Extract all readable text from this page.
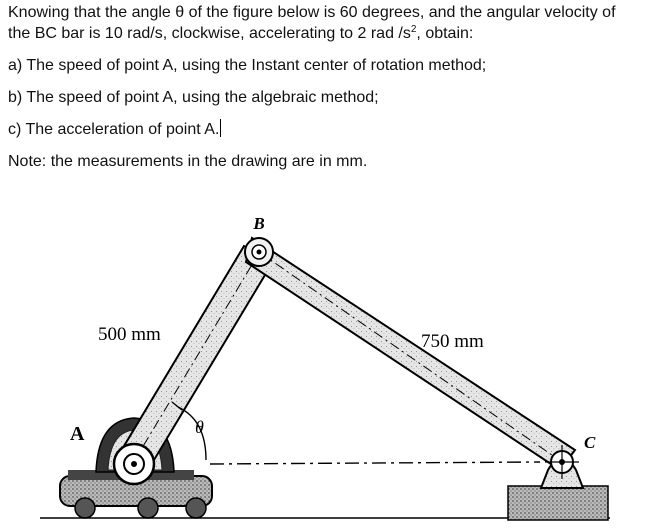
Knowing that the angle θ of the figure below is 60 degrees, and the angular velocity of

the BC bar is 10 rad/s, clockwise, accelerating to 2 rad $/s^2$, obtain:

a) The speed of point A, using the Instant center of rotation method;

b) The speed of point A, using the algebraic method;

c) The acceleration of point A.

Note: the measurements in the drawing are in mm.

B
A	C
θ
500 mm	750 mm
